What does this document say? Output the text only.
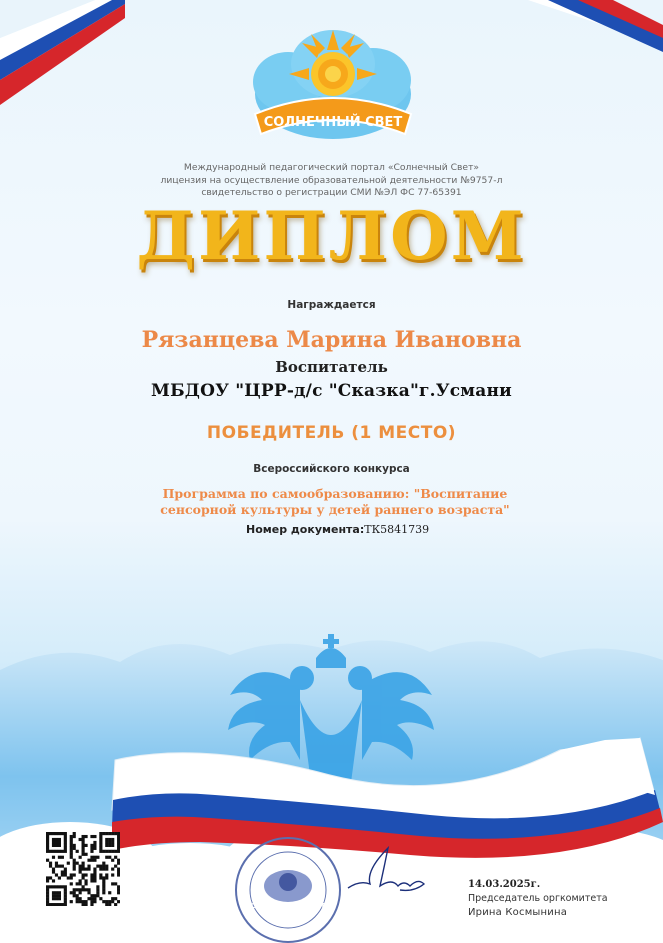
СОЛНЕЧНЫЙ СВЕТ
Международный педагогический портал «Солнечный Свет»
лицензия на осуществление образовательной деятельности №9757-л
свидетельство о регистрации СМИ №ЭЛ ФС 77-65391
ДИПЛОМ
Награждается
Рязанцева Марина Ивановна
Воспитатель
МБДОУ "ЦРР-д/с "Сказка"г.Усмани
ПОБЕДИТЕЛЬ (1 МЕСТО)
Всероссийского конкурса
Программа по самообразованию: "Воспитание сенсорной культуры у детей раннего возраста"
Номер документа:ТК5841739
СОЛНЕЧНЫЙ СВЕТ
14.03.2025г.
Председатель оргкомитета
Ирина Космынина
